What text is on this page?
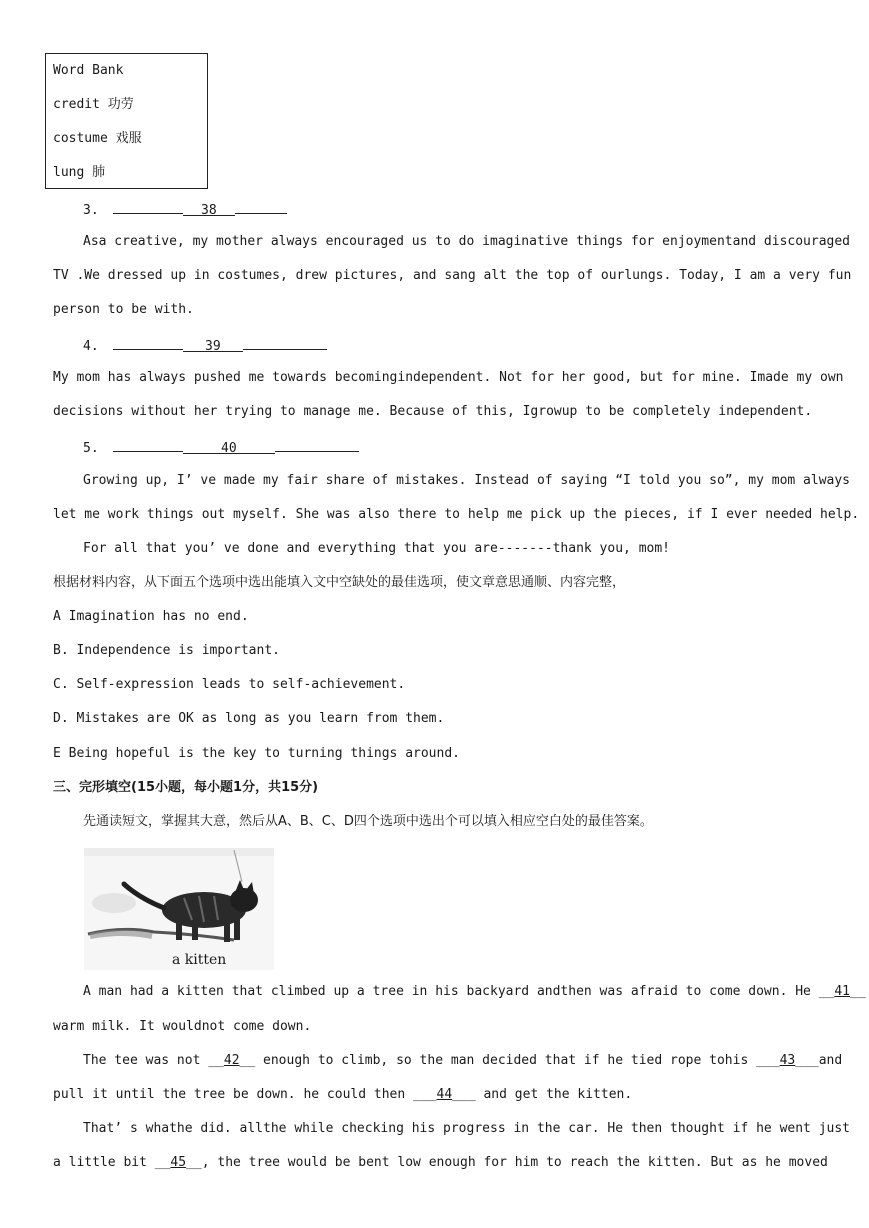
Word Bank
credit 功劳
costume 戏服
lung 肺
3.	38
Asa creative, my mother always encouraged us to do imaginative things for enjoymentand discouraged
TV .We dressed up in costumes, drew pictures, and sang alt the top of ourlungs. Today, I am a very fun
person to be with.
4.	39
My mom has always pushed me towards becomingindependent. Not for her good, but for mine. Imade my own
decisions without her trying to manage me. Because of this, Igrowup to be completely independent.
5.	40
Growing up, I’ ve made my fair share of mistakes. Instead of saying “I told you so”, my mom always
let me work things out myself. She was also there to help me pick up the pieces, if I ever needed help.
For all that you’ ve done and everything that you are-------thank you, mom!
根据材料内容，从下面五个选项中选出能填入文中空缺处的最佳选项，使文章意思通顺、内容完整，
A Imagination has no end.
B. Independence is important.
C. Self-expression leads to self-achievement.
D. Mistakes are OK as long as you learn from them.
E Being hopeful is the key to turning things around.
三、完形填空(15小题，每小题1分，共15分)
先通读短文，掌握其大意，然后从A、B、C、D四个选项中选出个可以填入相应空白处的最佳答案。
a kitten
A man had a kitten that climbed up a tree in his backyard andthen was afraid to come down. He __41__
warm milk. It wouldnot come down.
The tee was not __42__ enough to climb, so the man decided that if he tied rope tohis ___43___and
pull it until the tree be down. he could then ___44___ and get the kitten.
That’ s whathe did. allthe while checking his progress in the car. He then thought if he went just
a little bit __45__, the tree would be bent low enough for him to reach the kitten. But as he moved
